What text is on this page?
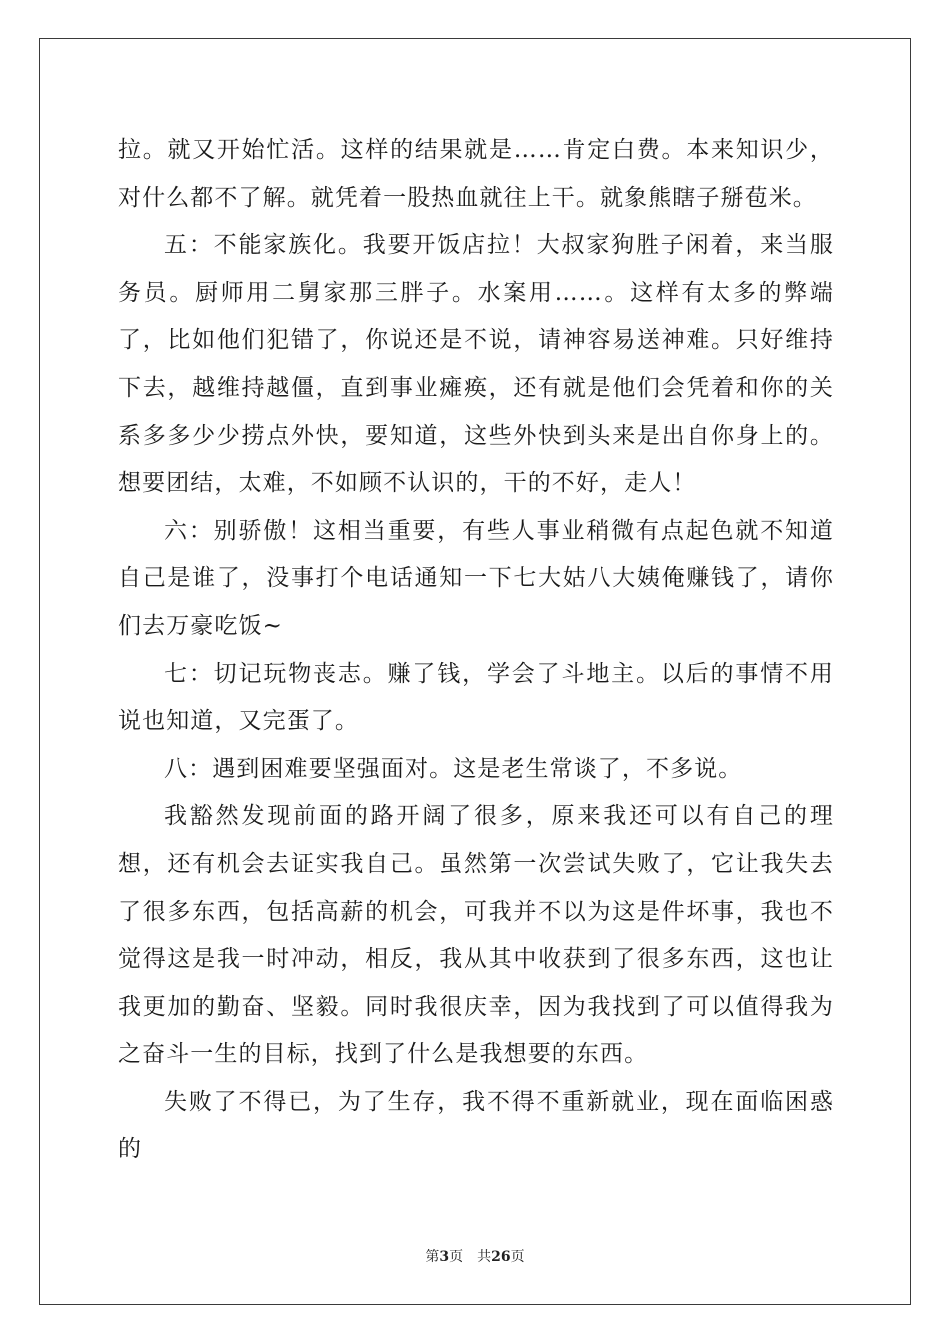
拉。就又开始忙活。这样的结果就是……肯定白费。本来知识少，对什么都不了解。就凭着一股热血就往上干。就象熊瞎子掰苞米。

五：不能家族化。我要开饭店拉！大叔家狗胜子闲着，来当服务员。厨师用二舅家那三胖子。水案用……。这样有太多的弊端了，比如他们犯错了，你说还是不说，请神容易送神难。只好维持下去，越维持越僵，直到事业瘫痪，还有就是他们会凭着和你的关系多多少少捞点外快，要知道，这些外快到头来是出自你身上的。想要团结，太难，不如顾不认识的，干的不好，走人！

六：别骄傲！这相当重要，有些人事业稍微有点起色就不知道自己是谁了，没事打个电话通知一下七大姑八大姨俺赚钱了，请你们去万豪吃饭~

七：切记玩物丧志。赚了钱，学会了斗地主。以后的事情不用说也知道，又完蛋了。

八：遇到困难要坚强面对。这是老生常谈了，不多说。

我豁然发现前面的路开阔了很多，原来我还可以有自己的理想，还有机会去证实我自己。虽然第一次尝试失败了，它让我失去了很多东西，包括高薪的机会，可我并不以为这是件坏事，我也不觉得这是我一时冲动，相反，我从其中收获到了很多东西，这也让我更加的勤奋、坚毅。同时我很庆幸，因为我找到了可以值得我为之奋斗一生的目标，找到了什么是我想要的东西。

失败了不得已，为了生存，我不得不重新就业，现在面临困惑的

第3页 共26页
